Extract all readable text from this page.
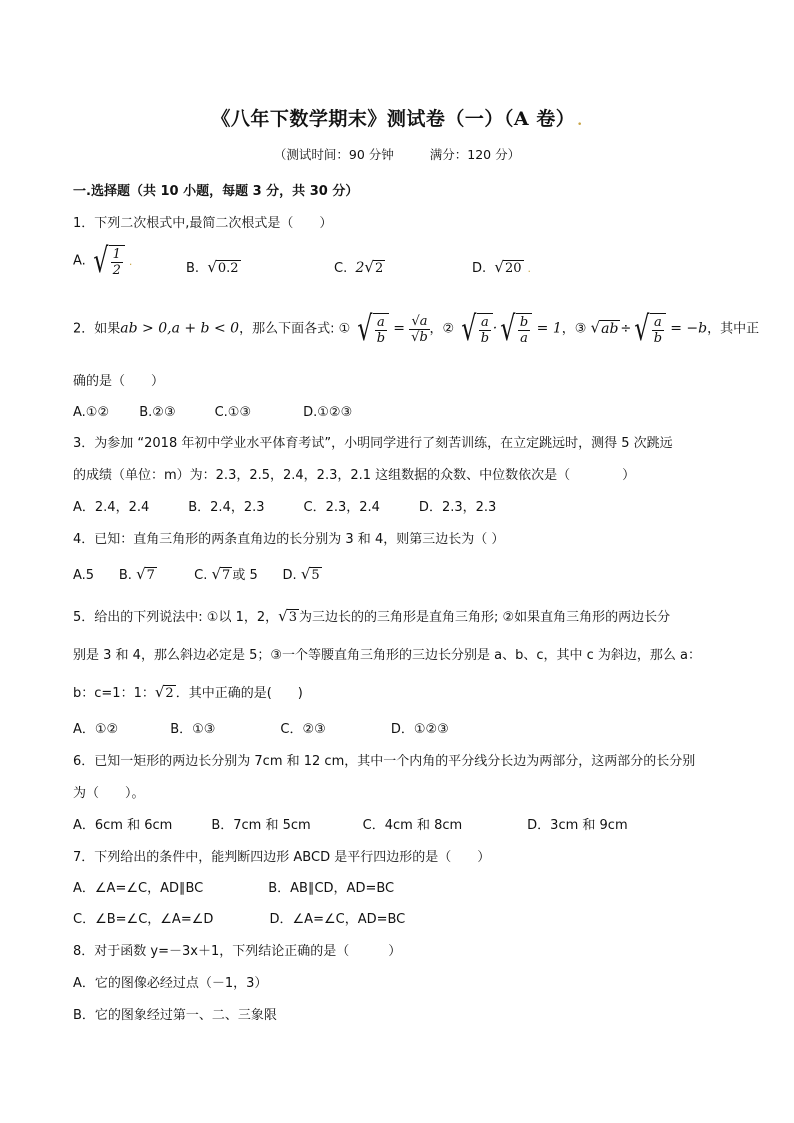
《八年下数学期末》测试卷（一）（A 卷） .
（测试时间：90 分钟	满分：120 分）
一.选择题（共 10 小题，每题 3 分，共 30 分）
1．下列二次根式中,最简二次根式是（　　）
A. √ $\frac{1}{2}$ .	B. √0.2	C. 2√2	D. √20 .
2．如果ab > 0,a + b < 0，那么下面各式: ① √ $\frac{a}{b} = \frac{√a}{√b}$ ，② √ $\frac{a}{b}$ · √ $\frac{b}{a} = 1$，③ √ab ÷ √ $\frac{a}{b} = -b$，其中正
确的是（　　）
A.①②　　 B.②③　　　C.①③　　　　D.①②③
3．为参加 “2018 年初中学业水平体育考试”，小明同学进行了刻苦训练，在立定跳远时，测得 5 次跳远
的成绩（单位：m）为：2.3，2.5，2.4，2.3，2.1 这组数据的众数、中位数依次是（　　　　）
A．2.4，2.4　　　B．2.4，2.3　　　C．2.3，2.4　　　D．2.3，2.3
4．已知：直角三角形的两条直角边的长分别为 3 和 4，则第三边长为（ ）
A.5 B. √7	C. √7 或 5 D. √5
5．给出的下列说法中: ①以 1，2，√3 为三边长的的三角形是直角三角形; ②如果直角三角形的两边长分
别是 3 和 4，那么斜边必定是 5；③一个等腰直角三角形的三边长分别是 a、b、c，其中 c 为斜边，那么 a：
b：c=1：1：√2 ．其中正确的是(　　)
A．①②　　　　B．①③　　　　　C．②③　　　　　D．①②③
6．已知一矩形的两边长分别为 7cm 和 12 cm，其中一个内角的平分线分长边为两部分，这两部分的长分别
为（　　）。
A．6cm 和 6cm　　　B．7cm 和 5cm　　　　C．4cm 和 8cm　　　　　D．3cm 和 9cm
7．下列给出的条件中，能判断四边形 ABCD 是平行四边形的是（　　）
A．∠A=∠C，AD∥BC　　　　　B．AB∥CD，AD=BC
C．∠B=∠C，∠A=∠D　　　　 D．∠A=∠C，AD=BC
8．对于函数 y=－3x＋1，下列结论正确的是（　　　）
A．它的图像必经过点（－1，3）
B．它的图象经过第一、二、三象限
